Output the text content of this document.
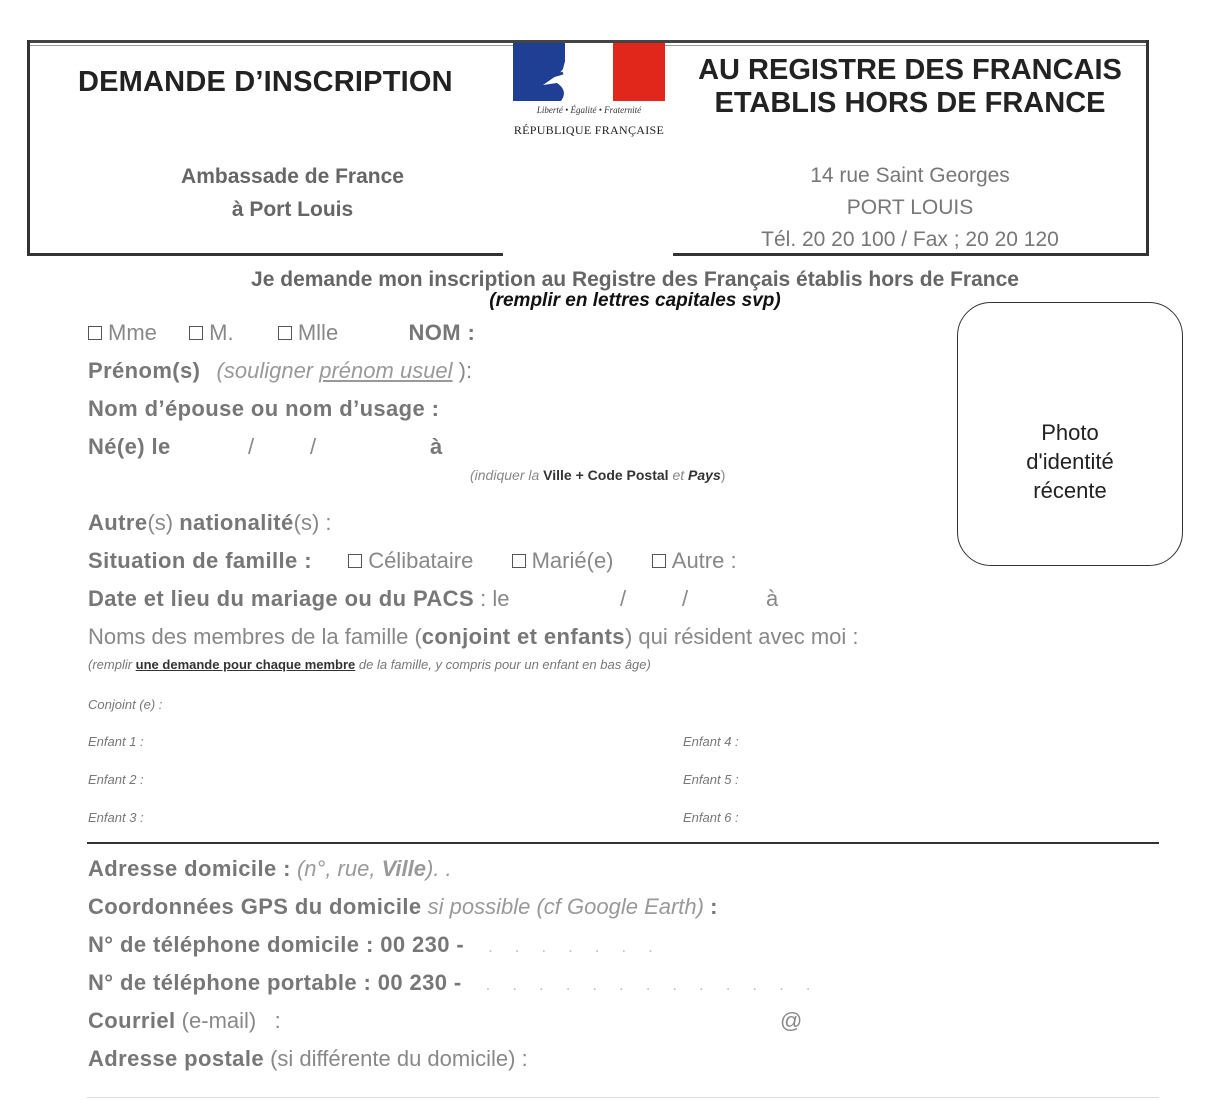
DEMANDE D’INSCRIPTION
Liberté • Égalité • Fraternité
RÉPUBLIQUE FRANÇAISE
AU REGISTRE DES FRANCAIS
ETABLIS HORS DE FRANCE
Ambassade de France
à Port Louis
14 rue Saint Georges
PORT LOUIS
Tél. 20 20 100 / Fax ; 20 20 120
Je demande mon inscription au Registre des Français établis hors de France
(remplir en lettres capitales svp)
Mme M.	Mlle	NOM :
Prénom(s) (souligner prénom usuel ):
Nom d’épouse ou nom d’usage :
Né(e) le	/	/	à
(indiquer la Ville + Code Postal et Pays)
Photo
d'identité
récente
Autre(s) nationalité(s) :
Situation de famille :	Célibataire	Marié(e)	Autre :
Date et lieu du mariage ou du PACS : le	/	/	à
Noms des membres de la famille (conjoint et enfants) qui résident avec moi :
(remplir une demande pour chaque membre de la famille, y compris pour un enfant en bas âge)
Conjoint (e) :
Enfant 1 :
Enfant 2 :
Enfant 3 :
Enfant 4 :
Enfant 5 :
Enfant 6 :
Adresse domicile : (n°, rue, Ville). .
Coordonnées GPS du domicile si possible (cf Google Earth) :
N° de téléphone domicile : 00 230 - .     .     .     .     .     .     .
N° de téléphone portable : 00 230 - .     .     .     .     .     .     .     .     .     .     .     .     .
Courriel (e-mail)   :	@
Adresse postale (si différente du domicile) :
